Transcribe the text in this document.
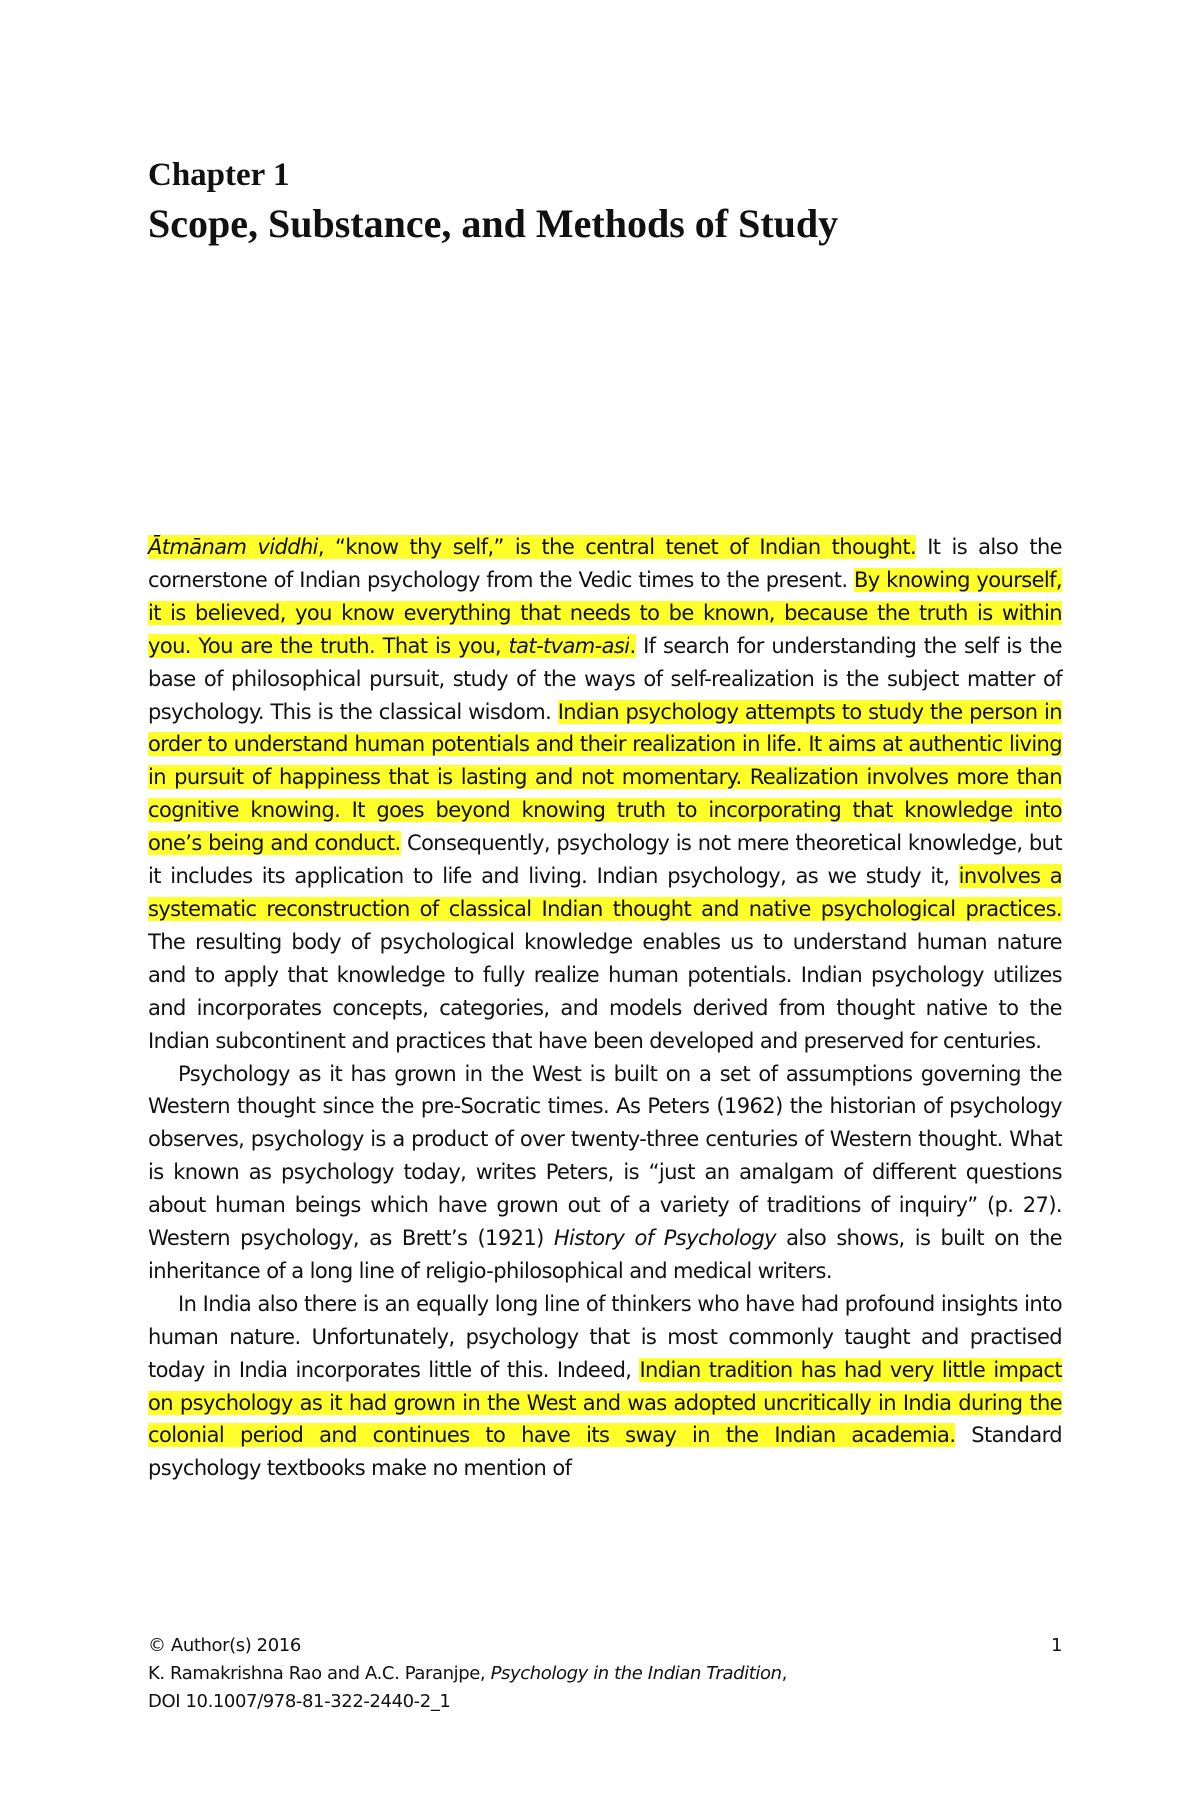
Chapter 1
Scope, Substance, and Methods of Study

Ātmānam viddhi, “know thy self,” is the central tenet of Indian thought. It is also the cornerstone of Indian psychology from the Vedic times to the present. By knowing yourself, it is believed, you know everything that needs to be known, because the truth is within you. You are the truth. That is you, tat-tvam-asi. If search for understanding the self is the base of philosophical pursuit, study of the ways of self-realization is the subject matter of psychology. This is the classical wisdom. Indian psychology attempts to study the person in order to understand human potentials and their realization in life. It aims at authentic living in pursuit of happiness that is lasting and not momentary. Realization involves more than cognitive knowing. It goes beyond knowing truth to incorporating that knowledge into one’s being and conduct. Consequently, psychology is not mere theoretical knowledge, but it includes its application to life and living. Indian psychology, as we study it, involves a systematic reconstruction of classical Indian thought and native psychological practices. The resulting body of psychological knowledge enables us to understand human nature and to apply that knowledge to fully realize human potentials. Indian psychology utilizes and incorporates concepts, categories, and models derived from thought native to the Indian subcontinent and practices that have been developed and preserved for centuries.

Psychology as it has grown in the West is built on a set of assumptions governing the Western thought since the pre-Socratic times. As Peters (1962) the historian of psychology observes, psychology is a product of over twenty-three centuries of Western thought. What is known as psychology today, writes Peters, is “just an amalgam of different questions about human beings which have grown out of a variety of traditions of inquiry” (p. 27). Western psychology, as Brett’s (1921) History of Psychology also shows, is built on the inheritance of a long line of religio-philosophical and medical writers.

In India also there is an equally long line of thinkers who have had profound insights into human nature. Unfortunately, psychology that is most commonly taught and practised today in India incorporates little of this. Indeed, Indian tradition has had very little impact on psychology as it had grown in the West and was adopted uncritically in India during the colonial period and continues to have its sway in the Indian academia. Standard psychology textbooks make no mention of

1
© Author(s) 2016
K. Ramakrishna Rao and A.C. Paranjpe, Psychology in the Indian Tradition,
DOI 10.1007/978-81-322-2440-2_1
